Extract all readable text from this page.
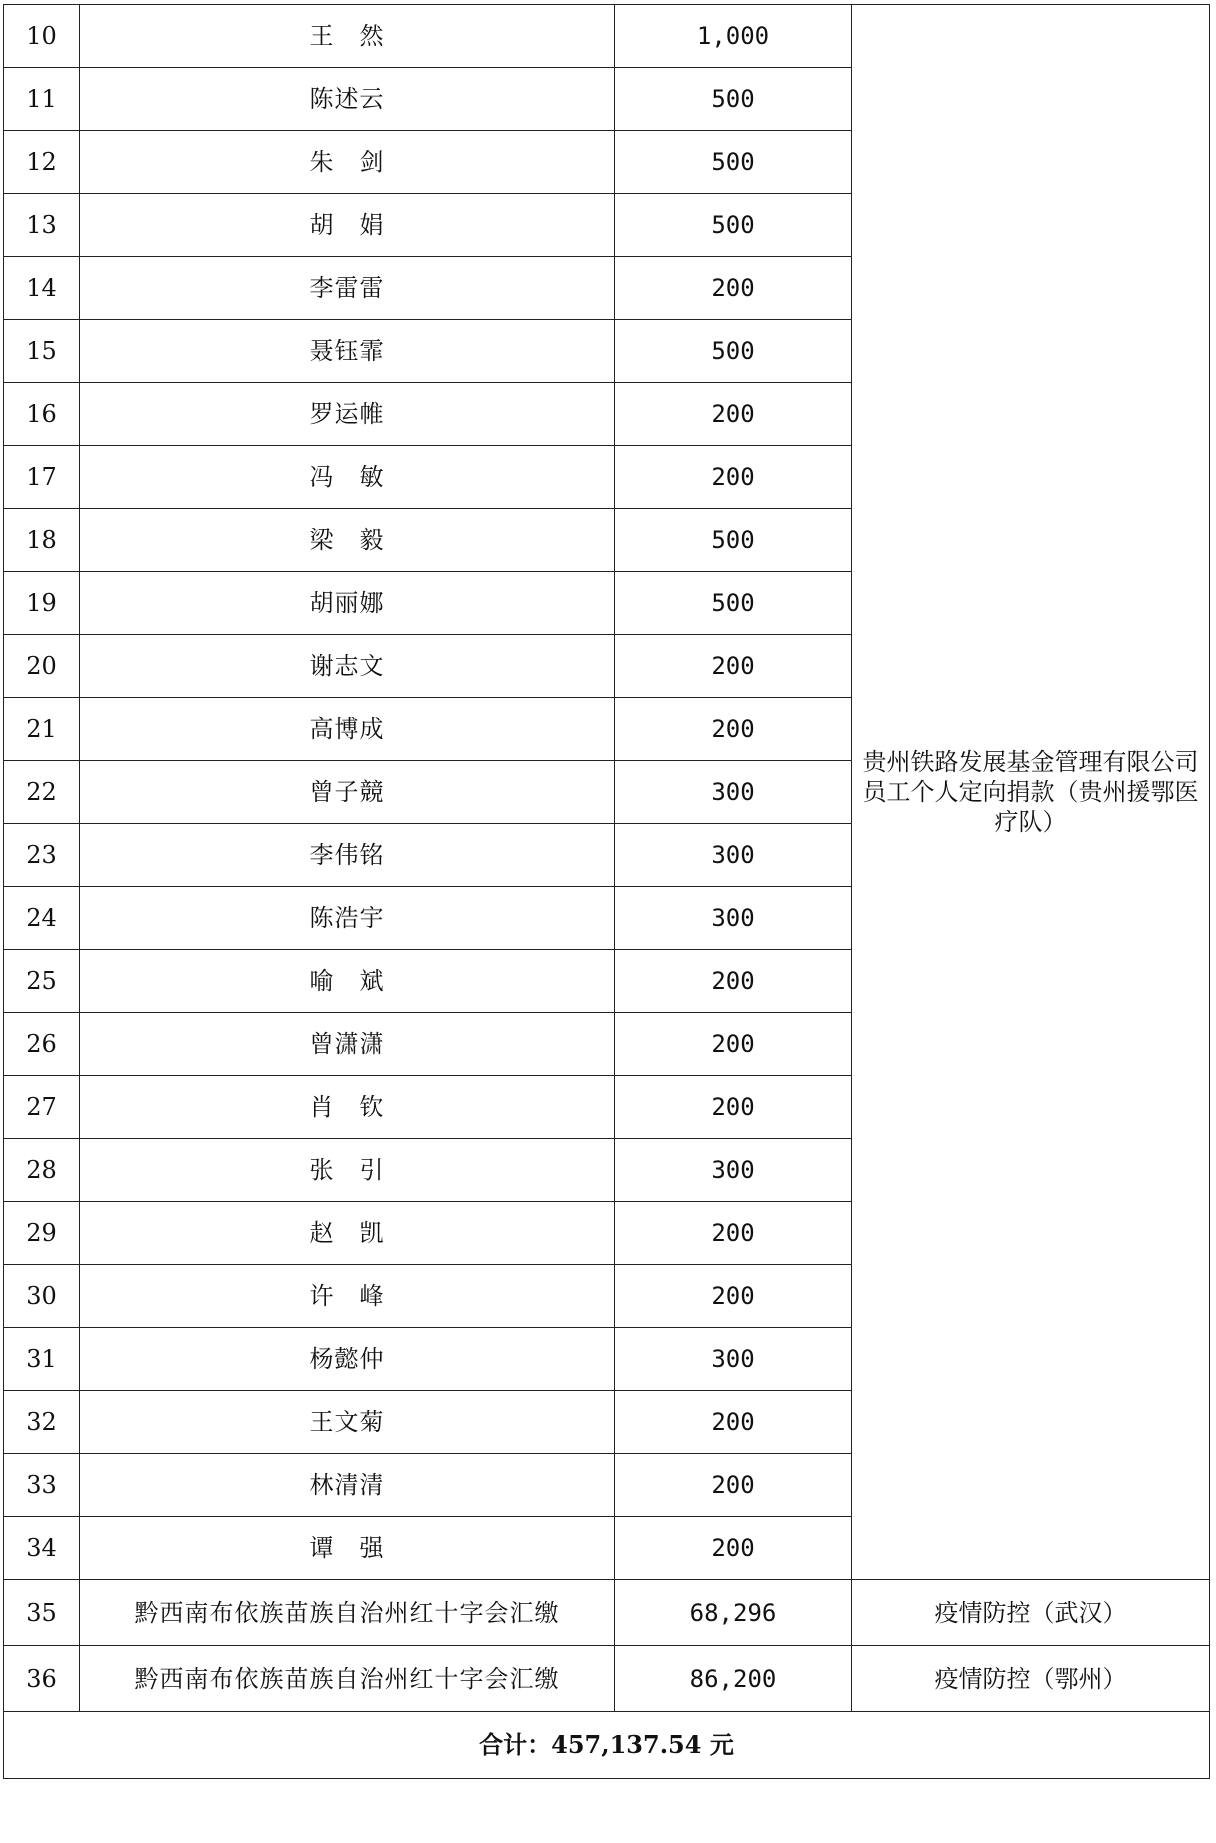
10	王　然	1,000	贵州铁路发展基金管理有限公司员工个人定向捐款（贵州援鄂医疗队）
11	陈述云	500	
12	朱　剑	500	
13	胡　娟	500	
14	李雷雷	200	
15	聂钰霏	500	
16	罗运帷	200	
17	冯　敏	200	
18	梁　毅	500	
19	胡丽娜	500	
20	谢志文	200	
21	高博成	200	
22	曾子競	300	
23	李伟铭	300	
24	陈浩宇	300	
25	喻　斌	200	
26	曾潇潇	200	
27	肖　钦	200	
28	张　引	300	
29	赵　凯	200	
30	许　峰	200	
31	杨懿仲	300	
32	王文菊	200	
33	林清清	200	
34	谭　强	200	
35	黔西南布依族苗族自治州红十字会汇缴	68,296	疫情防控（武汉）
36	黔西南布依族苗族自治州红十字会汇缴	86,200	疫情防控（鄂州）
合计：457,137.54 元			
